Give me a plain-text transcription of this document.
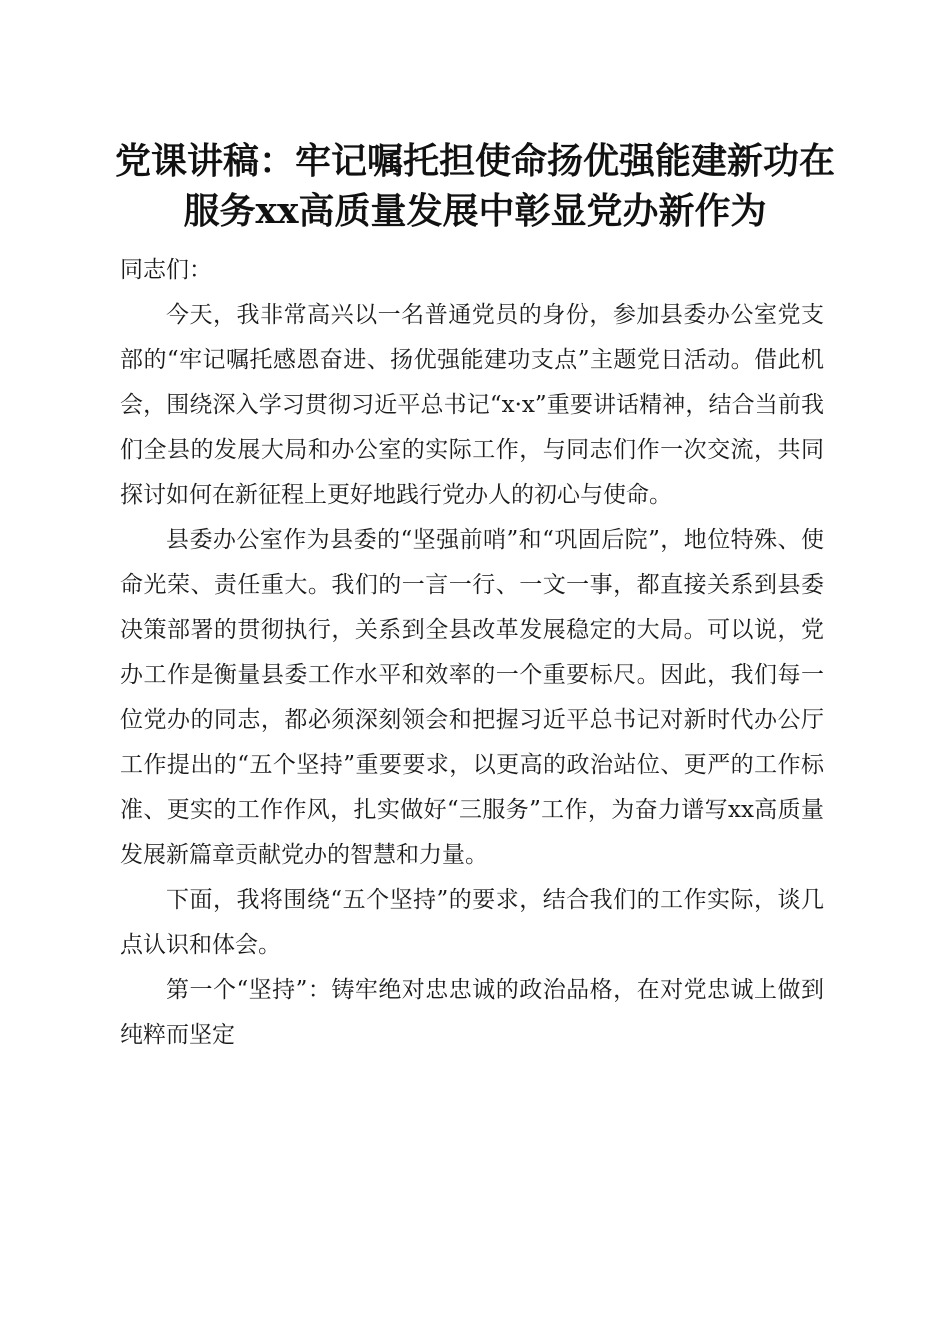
党课讲稿：牢记嘱托担使命扬优强能建新功在
服务xx高质量发展中彰显党办新作为

同志们：

今天，我非常高兴以一名普通党员的身份，参加县委办公室党支部的“牢记嘱托感恩奋进、扬优强能建功支点”主题党日活动。借此机会，围绕深入学习贯彻习近平总书记“x·x”重要讲话精神，结合当前我们全县的发展大局和办公室的实际工作，与同志们作一次交流，共同探讨如何在新征程上更好地践行党办人的初心与使命。

县委办公室作为县委的“坚强前哨”和“巩固后院”，地位特殊、使命光荣、责任重大。我们的一言一行、一文一事，都直接关系到县委决策部署的贯彻执行，关系到全县改革发展稳定的大局。可以说，党办工作是衡量县委工作水平和效率的一个重要标尺。因此，我们每一位党办的同志，都必须深刻领会和把握习近平总书记对新时代办公厅工作提出的“五个坚持”重要要求，以更高的政治站位、更严的工作标准、更实的工作作风，扎实做好“三服务”工作，为奋力谱写xx高质量发展新篇章贡献党办的智慧和力量。

下面，我将围绕“五个坚持”的要求，结合我们的工作实际，谈几点认识和体会。

第一个“坚持”：铸牢绝对忠忠诚的政治品格，在对党忠诚上做到纯粹而坚定
